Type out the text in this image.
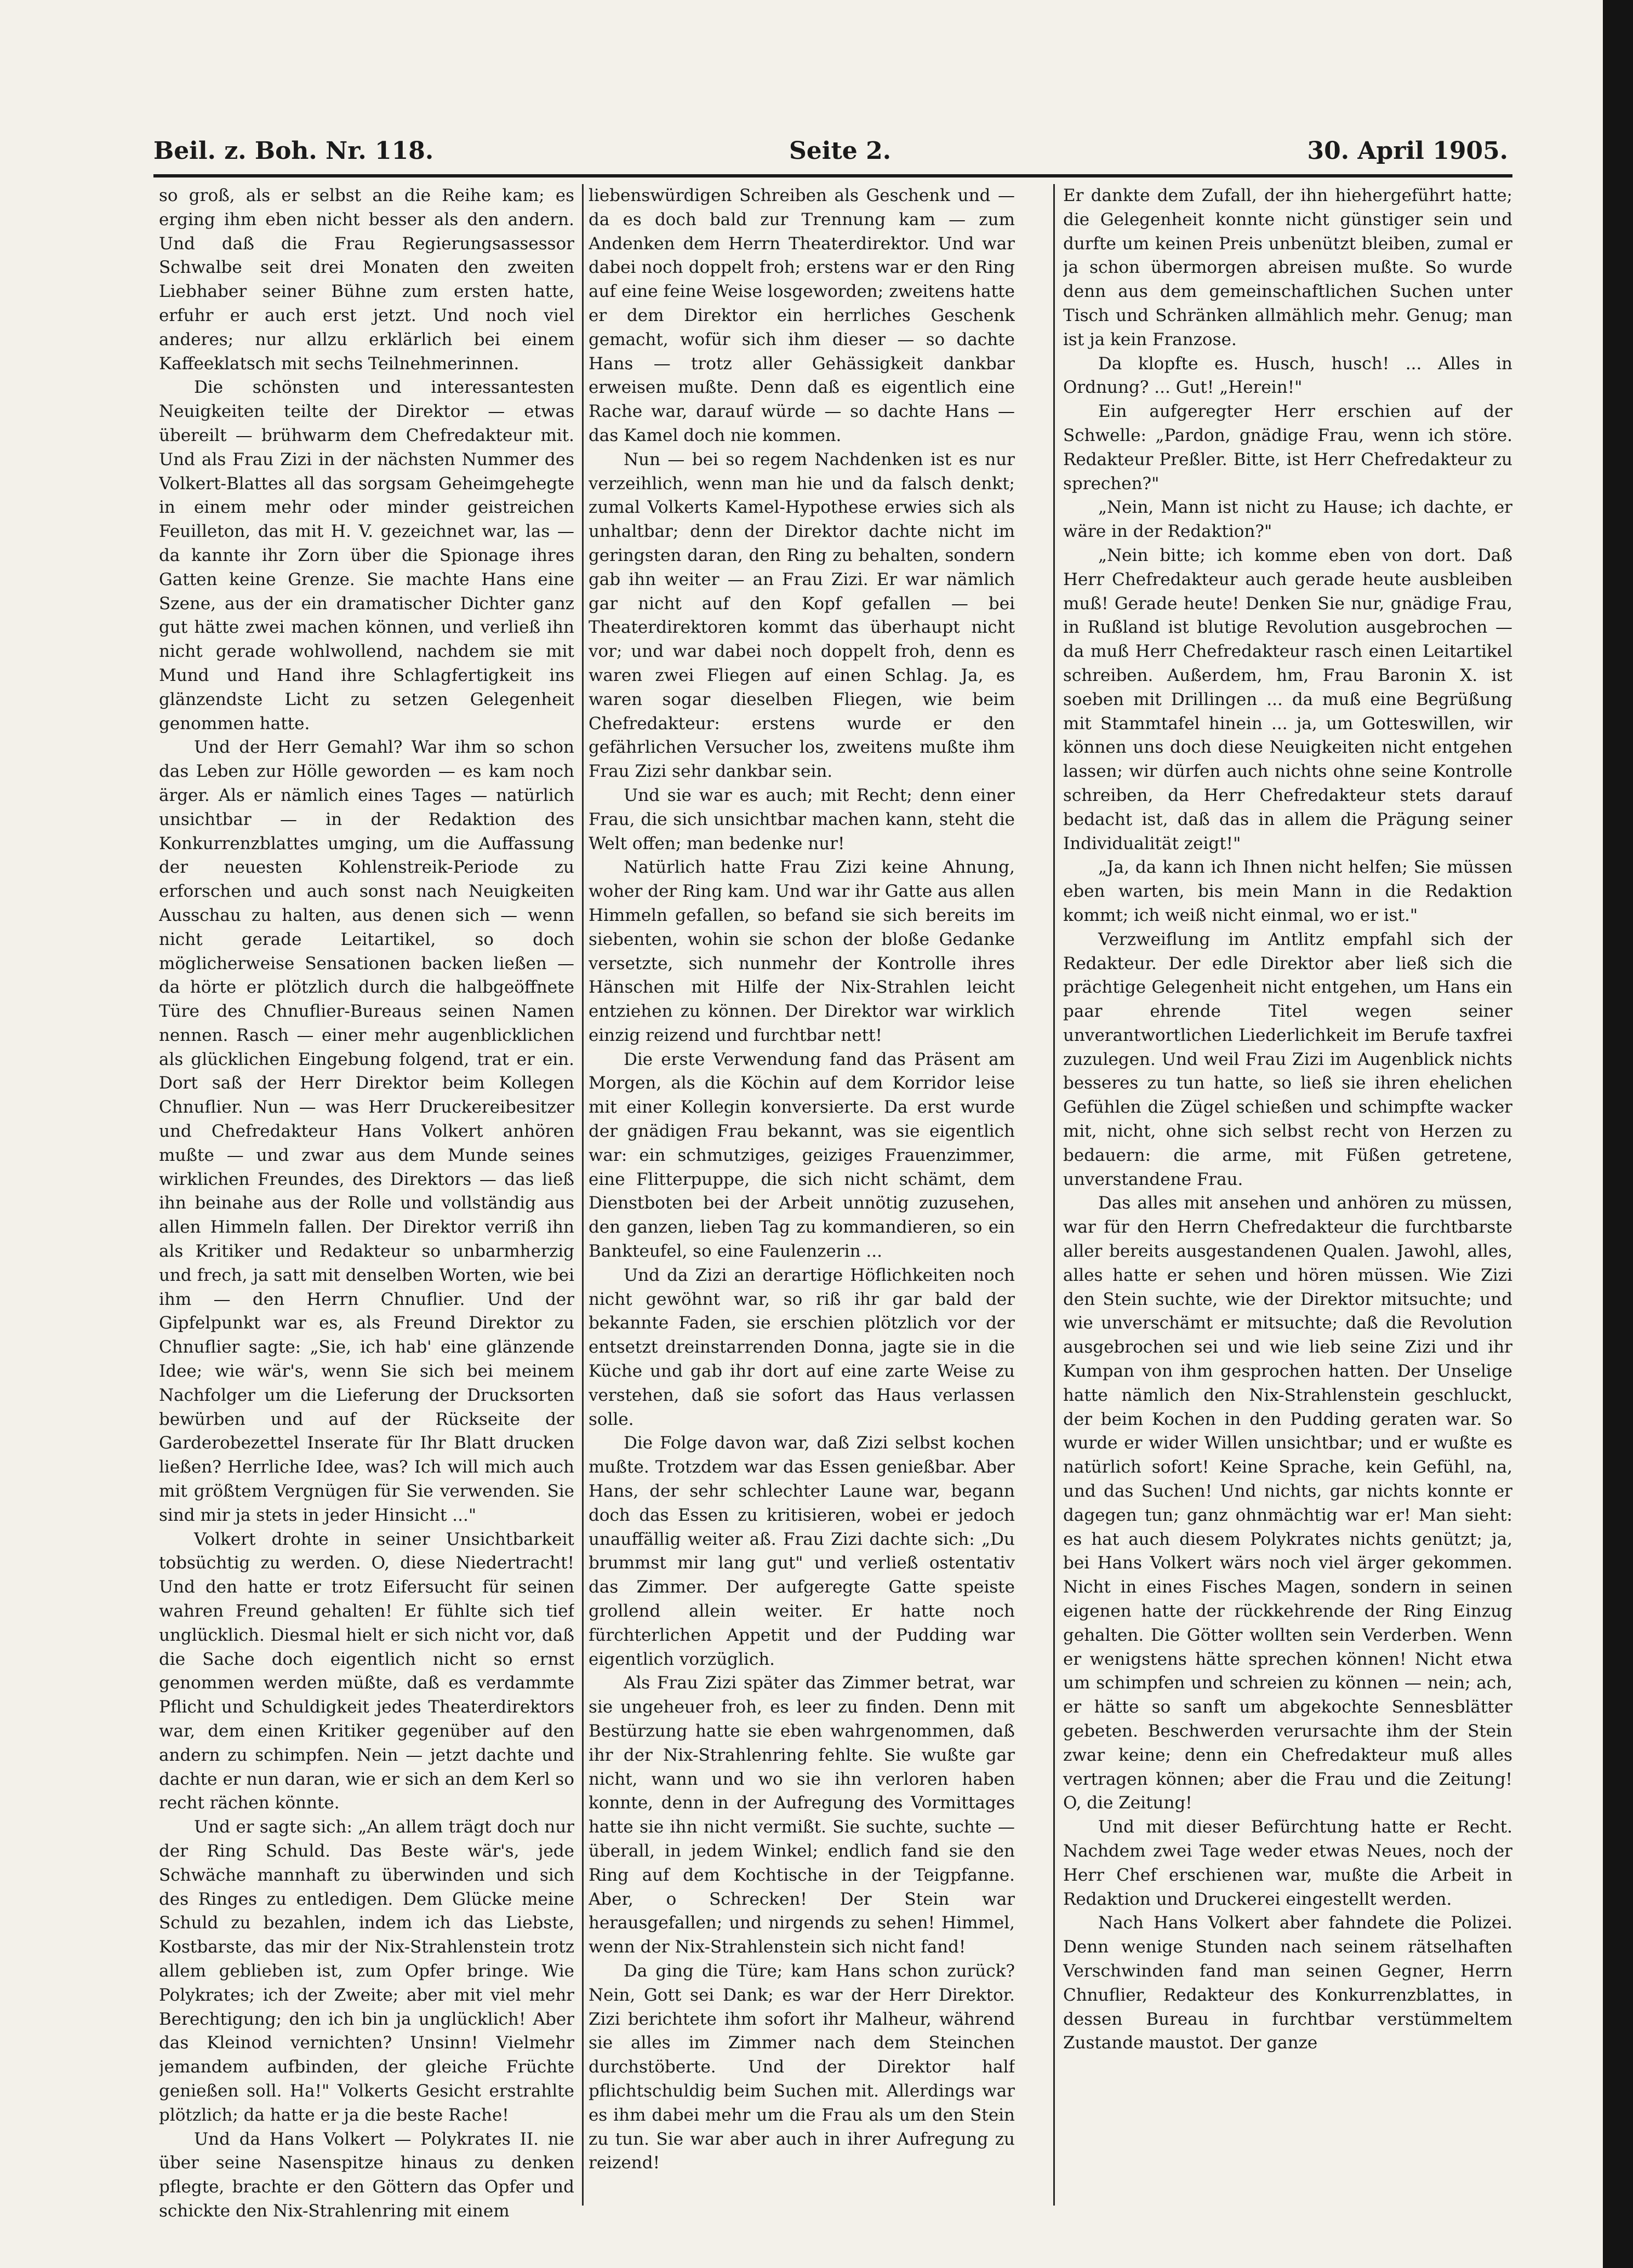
Beil. z. Boh. Nr. 118.	Seite 2.	30. April 1905.

so groß, als er selbst an die Reihe kam; es erging ihm eben nicht besser als den andern. Und daß die Frau Regierungsassessor Schwalbe seit drei Monaten den zweiten Liebhaber seiner Bühne zum ersten hatte, erfuhr er auch erst jetzt. Und noch viel anderes; nur allzu erklärlich bei einem Kaffeeklatsch mit sechs Teilnehmerinnen.

Die schönsten und interessantesten Neuigkeiten teilte der Direktor — etwas übereilt — brühwarm dem Chefredakteur mit. Und als Frau Zizi in der nächsten Nummer des Volkert-Blattes all das sorgsam Geheimgehegte in einem mehr oder minder geistreichen Feuilleton, das mit H. V. gezeichnet war, las — da kannte ihr Zorn über die Spionage ihres Gatten keine Grenze. Sie machte Hans eine Szene, aus der ein dramatischer Dichter ganz gut hätte zwei machen können, und verließ ihn nicht gerade wohlwollend, nachdem sie mit Mund und Hand ihre Schlagfertigkeit ins glänzendste Licht zu setzen Gelegenheit genommen hatte.

Und der Herr Gemahl? War ihm so schon das Leben zur Hölle geworden — es kam noch ärger. Als er nämlich eines Tages — natürlich unsichtbar — in der Redaktion des Konkurrenzblattes umging, um die Auffassung der neuesten Kohlenstreik-Periode zu erforschen und auch sonst nach Neuigkeiten Ausschau zu halten, aus denen sich — wenn nicht gerade Leitartikel, so doch möglicherweise Sensationen backen ließen — da hörte er plötzlich durch die halbgeöffnete Türe des Chnuflier-Bureaus seinen Namen nennen. Rasch — einer mehr augenblicklichen als glücklichen Eingebung folgend, trat er ein. Dort saß der Herr Direktor beim Kollegen Chnuflier. Nun — was Herr Druckereibesitzer und Chefredakteur Hans Volkert anhören mußte — und zwar aus dem Munde seines wirklichen Freundes, des Direktors — das ließ ihn beinahe aus der Rolle und vollständig aus allen Himmeln fallen. Der Direktor verriß ihn als Kritiker und Redakteur so unbarmherzig und frech, ja satt mit denselben Worten, wie bei ihm — den Herrn Chnuflier. Und der Gipfelpunkt war es, als Freund Direktor zu Chnuflier sagte: „Sie, ich hab' eine glänzende Idee; wie wär's, wenn Sie sich bei meinem Nachfolger um die Lieferung der Drucksorten bewürben und auf der Rückseite der Garderobezettel Inserate für Ihr Blatt drucken ließen? Herrliche Idee, was? Ich will mich auch mit größtem Vergnügen für Sie verwenden. Sie sind mir ja stets in jeder Hinsicht ..."

Volkert drohte in seiner Unsichtbarkeit tobsüchtig zu werden. O, diese Niedertracht! Und den hatte er trotz Eifersucht für seinen wahren Freund gehalten! Er fühlte sich tief unglücklich. Diesmal hielt er sich nicht vor, daß die Sache doch eigentlich nicht so ernst genommen werden müßte, daß es verdammte Pflicht und Schuldigkeit jedes Theaterdirektors war, dem einen Kritiker gegenüber auf den andern zu schimpfen. Nein — jetzt dachte und dachte er nun daran, wie er sich an dem Kerl so recht rächen könnte.

Und er sagte sich: „An allem trägt doch nur der Ring Schuld. Das Beste wär's, jede Schwäche mannhaft zu überwinden und sich des Ringes zu entledigen. Dem Glücke meine Schuld zu bezahlen, indem ich das Liebste, Kostbarste, das mir der Nix-Strahlenstein trotz allem geblieben ist, zum Opfer bringe. Wie Polykrates; ich der Zweite; aber mit viel mehr Berechtigung; den ich bin ja unglücklich! Aber das Kleinod vernichten? Unsinn! Vielmehr jemandem aufbinden, der gleiche Früchte genießen soll. Ha!" Volkerts Gesicht erstrahlte plötzlich; da hatte er ja die beste Rache!

Und da Hans Volkert — Polykrates II. nie über seine Nasenspitze hinaus zu denken pflegte, brachte er den Göttern das Opfer und schickte den Nix-Strahlenring mit einem

liebenswürdigen Schreiben als Geschenk und — da es doch bald zur Trennung kam — zum Andenken dem Herrn Theaterdirektor. Und war dabei noch doppelt froh; erstens war er den Ring auf eine feine Weise losgeworden; zweitens hatte er dem Direktor ein herrliches Geschenk gemacht, wofür sich ihm dieser — so dachte Hans — trotz aller Gehässigkeit dankbar erweisen mußte. Denn daß es eigentlich eine Rache war, darauf würde — so dachte Hans — das Kamel doch nie kommen.

Nun — bei so regem Nachdenken ist es nur verzeihlich, wenn man hie und da falsch denkt; zumal Volkerts Kamel-Hypothese erwies sich als unhaltbar; denn der Direktor dachte nicht im geringsten daran, den Ring zu behalten, sondern gab ihn weiter — an Frau Zizi. Er war nämlich gar nicht auf den Kopf gefallen — bei Theaterdirektoren kommt das überhaupt nicht vor; und war dabei noch doppelt froh, denn es waren zwei Fliegen auf einen Schlag. Ja, es waren sogar dieselben Fliegen, wie beim Chefredakteur: erstens wurde er den gefährlichen Versucher los, zweitens mußte ihm Frau Zizi sehr dankbar sein.

Und sie war es auch; mit Recht; denn einer Frau, die sich unsichtbar machen kann, steht die Welt offen; man bedenke nur!

Natürlich hatte Frau Zizi keine Ahnung, woher der Ring kam. Und war ihr Gatte aus allen Himmeln gefallen, so befand sie sich bereits im siebenten, wohin sie schon der bloße Gedanke versetzte, sich nunmehr der Kontrolle ihres Hänschen mit Hilfe der Nix-Strahlen leicht entziehen zu können. Der Direktor war wirklich einzig reizend und furchtbar nett!

Die erste Verwendung fand das Präsent am Morgen, als die Köchin auf dem Korridor leise mit einer Kollegin konversierte. Da erst wurde der gnädigen Frau bekannt, was sie eigentlich war: ein schmutziges, geiziges Frauenzimmer, eine Flitterpuppe, die sich nicht schämt, dem Dienstboten bei der Arbeit unnötig zuzusehen, den ganzen, lieben Tag zu kommandieren, so ein Bankteufel, so eine Faulenzerin ...

Und da Zizi an derartige Höflichkeiten noch nicht gewöhnt war, so riß ihr gar bald der bekannte Faden, sie erschien plötzlich vor der entsetzt dreinstarrenden Donna, jagte sie in die Küche und gab ihr dort auf eine zarte Weise zu verstehen, daß sie sofort das Haus verlassen solle.

Die Folge davon war, daß Zizi selbst kochen mußte. Trotzdem war das Essen genießbar. Aber Hans, der sehr schlechter Laune war, begann doch das Essen zu kritisieren, wobei er jedoch unauffällig weiter aß. Frau Zizi dachte sich: „Du brummst mir lang gut" und verließ ostentativ das Zimmer. Der aufgeregte Gatte speiste grollend allein weiter. Er hatte noch fürchterlichen Appetit und der Pudding war eigentlich vorzüglich.

Als Frau Zizi später das Zimmer betrat, war sie ungeheuer froh, es leer zu finden. Denn mit Bestürzung hatte sie eben wahrgenommen, daß ihr der Nix-Strahlenring fehlte. Sie wußte gar nicht, wann und wo sie ihn verloren haben konnte, denn in der Aufregung des Vormittages hatte sie ihn nicht vermißt. Sie suchte, suchte — überall, in jedem Winkel; endlich fand sie den Ring auf dem Kochtische in der Teigpfanne. Aber, o Schrecken! Der Stein war herausgefallen; und nirgends zu sehen! Himmel, wenn der Nix-Strahlenstein sich nicht fand!

Da ging die Türe; kam Hans schon zurück? Nein, Gott sei Dank; es war der Herr Direktor. Zizi berichtete ihm sofort ihr Malheur, während sie alles im Zimmer nach dem Steinchen durchstöberte. Und der Direktor half pflichtschuldig beim Suchen mit. Allerdings war es ihm dabei mehr um die Frau als um den Stein zu tun. Sie war aber auch in ihrer Aufregung zu reizend!

Er dankte dem Zufall, der ihn hiehergeführt hatte; die Gelegenheit konnte nicht günstiger sein und durfte um keinen Preis unbenützt bleiben, zumal er ja schon übermorgen abreisen mußte. So wurde denn aus dem gemeinschaftlichen Suchen unter Tisch und Schränken allmählich mehr. Genug; man ist ja kein Franzose.

Da klopfte es. Husch, husch! ... Alles in Ordnung? ... Gut! „Herein!"

Ein aufgeregter Herr erschien auf der Schwelle: „Pardon, gnädige Frau, wenn ich störe. Redakteur Preßler. Bitte, ist Herr Chefredakteur zu sprechen?"

„Nein, Mann ist nicht zu Hause; ich dachte, er wäre in der Redaktion?"

„Nein bitte; ich komme eben von dort. Daß Herr Chefredakteur auch gerade heute ausbleiben muß! Gerade heute! Denken Sie nur, gnädige Frau, in Rußland ist blutige Revolution ausgebrochen — da muß Herr Chefredakteur rasch einen Leitartikel schreiben. Außerdem, hm, Frau Baronin X. ist soeben mit Drillingen ... da muß eine Begrüßung mit Stammtafel hinein ... ja, um Gotteswillen, wir können uns doch diese Neuigkeiten nicht entgehen lassen; wir dürfen auch nichts ohne seine Kontrolle schreiben, da Herr Chefredakteur stets darauf bedacht ist, daß das in allem die Prägung seiner Individualität zeigt!"

„Ja, da kann ich Ihnen nicht helfen; Sie müssen eben warten, bis mein Mann in die Redaktion kommt; ich weiß nicht einmal, wo er ist."

Verzweiflung im Antlitz empfahl sich der Redakteur. Der edle Direktor aber ließ sich die prächtige Gelegenheit nicht entgehen, um Hans ein paar ehrende Titel wegen seiner unverantwortlichen Liederlichkeit im Berufe taxfrei zuzulegen. Und weil Frau Zizi im Augenblick nichts besseres zu tun hatte, so ließ sie ihren ehelichen Gefühlen die Zügel schießen und schimpfte wacker mit, nicht, ohne sich selbst recht von Herzen zu bedauern: die arme, mit Füßen getretene, unverstandene Frau.

Das alles mit ansehen und anhören zu müssen, war für den Herrn Chefredakteur die furchtbarste aller bereits ausgestandenen Qualen. Jawohl, alles, alles hatte er sehen und hören müssen. Wie Zizi den Stein suchte, wie der Direktor mitsuchte; und wie unverschämt er mitsuchte; daß die Revolution ausgebrochen sei und wie lieb seine Zizi und ihr Kumpan von ihm gesprochen hatten. Der Unselige hatte nämlich den Nix-Strahlenstein geschluckt, der beim Kochen in den Pudding geraten war. So wurde er wider Willen unsichtbar; und er wußte es natürlich sofort! Keine Sprache, kein Gefühl, na, und das Suchen! Und nichts, gar nichts konnte er dagegen tun; ganz ohnmächtig war er! Man sieht: es hat auch diesem Polykrates nichts genützt; ja, bei Hans Volkert wärs noch viel ärger gekommen. Nicht in eines Fisches Magen, sondern in seinen eigenen hatte der rückkehrende der Ring Einzug gehalten. Die Götter wollten sein Verderben. Wenn er wenigstens hätte sprechen können! Nicht etwa um schimpfen und schreien zu können — nein; ach, er hätte so sanft um abgekochte Sennesblätter gebeten. Beschwerden verursachte ihm der Stein zwar keine; denn ein Chefredakteur muß alles vertragen können; aber die Frau und die Zeitung! O, die Zeitung!

Und mit dieser Befürchtung hatte er Recht. Nachdem zwei Tage weder etwas Neues, noch der Herr Chef erschienen war, mußte die Arbeit in Redaktion und Druckerei eingestellt werden.

Nach Hans Volkert aber fahndete die Polizei. Denn wenige Stunden nach seinem rätselhaften Verschwinden fand man seinen Gegner, Herrn Chnuflier, Redakteur des Konkurrenzblattes, in dessen Bureau in furchtbar verstümmeltem Zustande maustot. Der ganze
